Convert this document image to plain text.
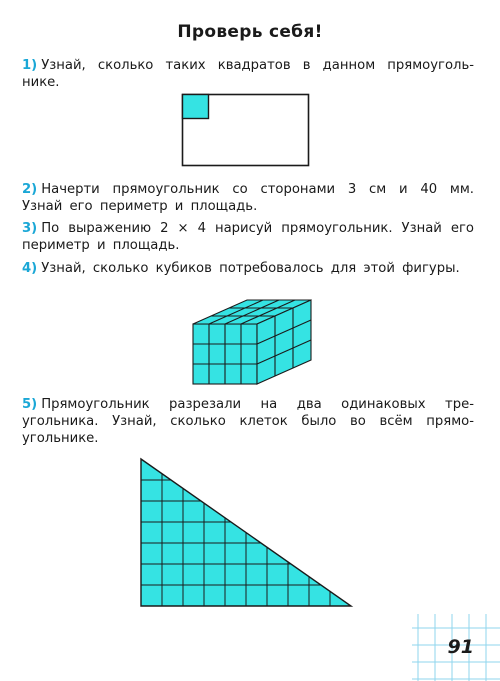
Проверь себя!
1) Узнай, сколько таких квадратов в данном прямоугольнике.
2) Начерти прямоугольник со сторонами 3 см и 40 мм. Узнай его периметр и площадь.
3) По выражению 2 × 4 нарисуй прямоугольник. Узнай его периметр и площадь.
4) Узнай, сколько кубиков потребовалось для этой фигуры.
5) Прямоугольник разрезали на два одинаковых треугольника. Узнай, сколько клеток было во всём прямоугольнике.
91
